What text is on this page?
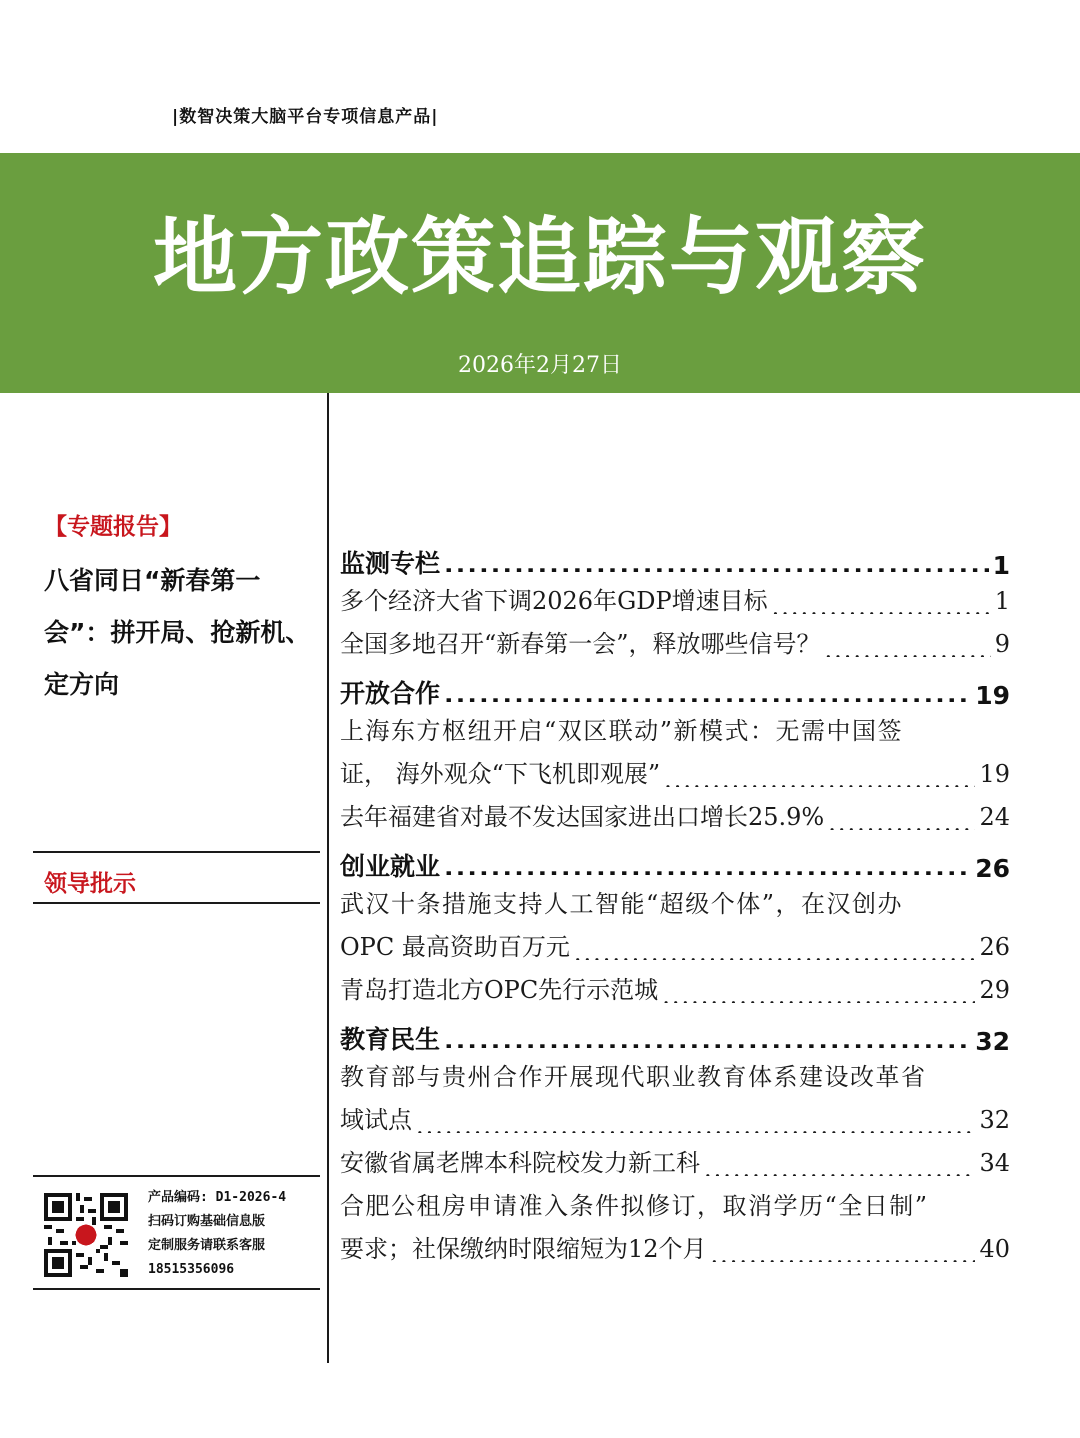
|数智决策大脑平台专项信息产品|
地方政策追踪与观察
2026年2月27日
【专题报告】
八省同日“新春第一会”：拼开局、抢新机、定方向
领导批示
产品编码: D1-2026-4
扫码订购基础信息版
定制服务请联系客服
18515356096
监测专栏 .....	1
多个经济大省下调2026年GDP增速目标 .....	1
全国多地召开“新春第一会”，释放哪些信号？ .....	9
开放合作 .....	19
上海东方枢纽开启“双区联动”新模式：无需中国签
证， 海外观众“下飞机即观展” .....	19
去年福建省对最不发达国家进出口增长25.9% .....	24
创业就业 .....	26
武汉十条措施支持人工智能“超级个体”，在汉创办
OPC 最高资助百万元 .....	26
青岛打造北方OPC先行示范城 .....	29
教育民生 .....	32
教育部与贵州合作开展现代职业教育体系建设改革省
域试点 .....	32
安徽省属老牌本科院校发力新工科 .....	34
合肥公租房申请准入条件拟修订，取消学历“全日制”
要求；社保缴纳时限缩短为12个月 .....	40
